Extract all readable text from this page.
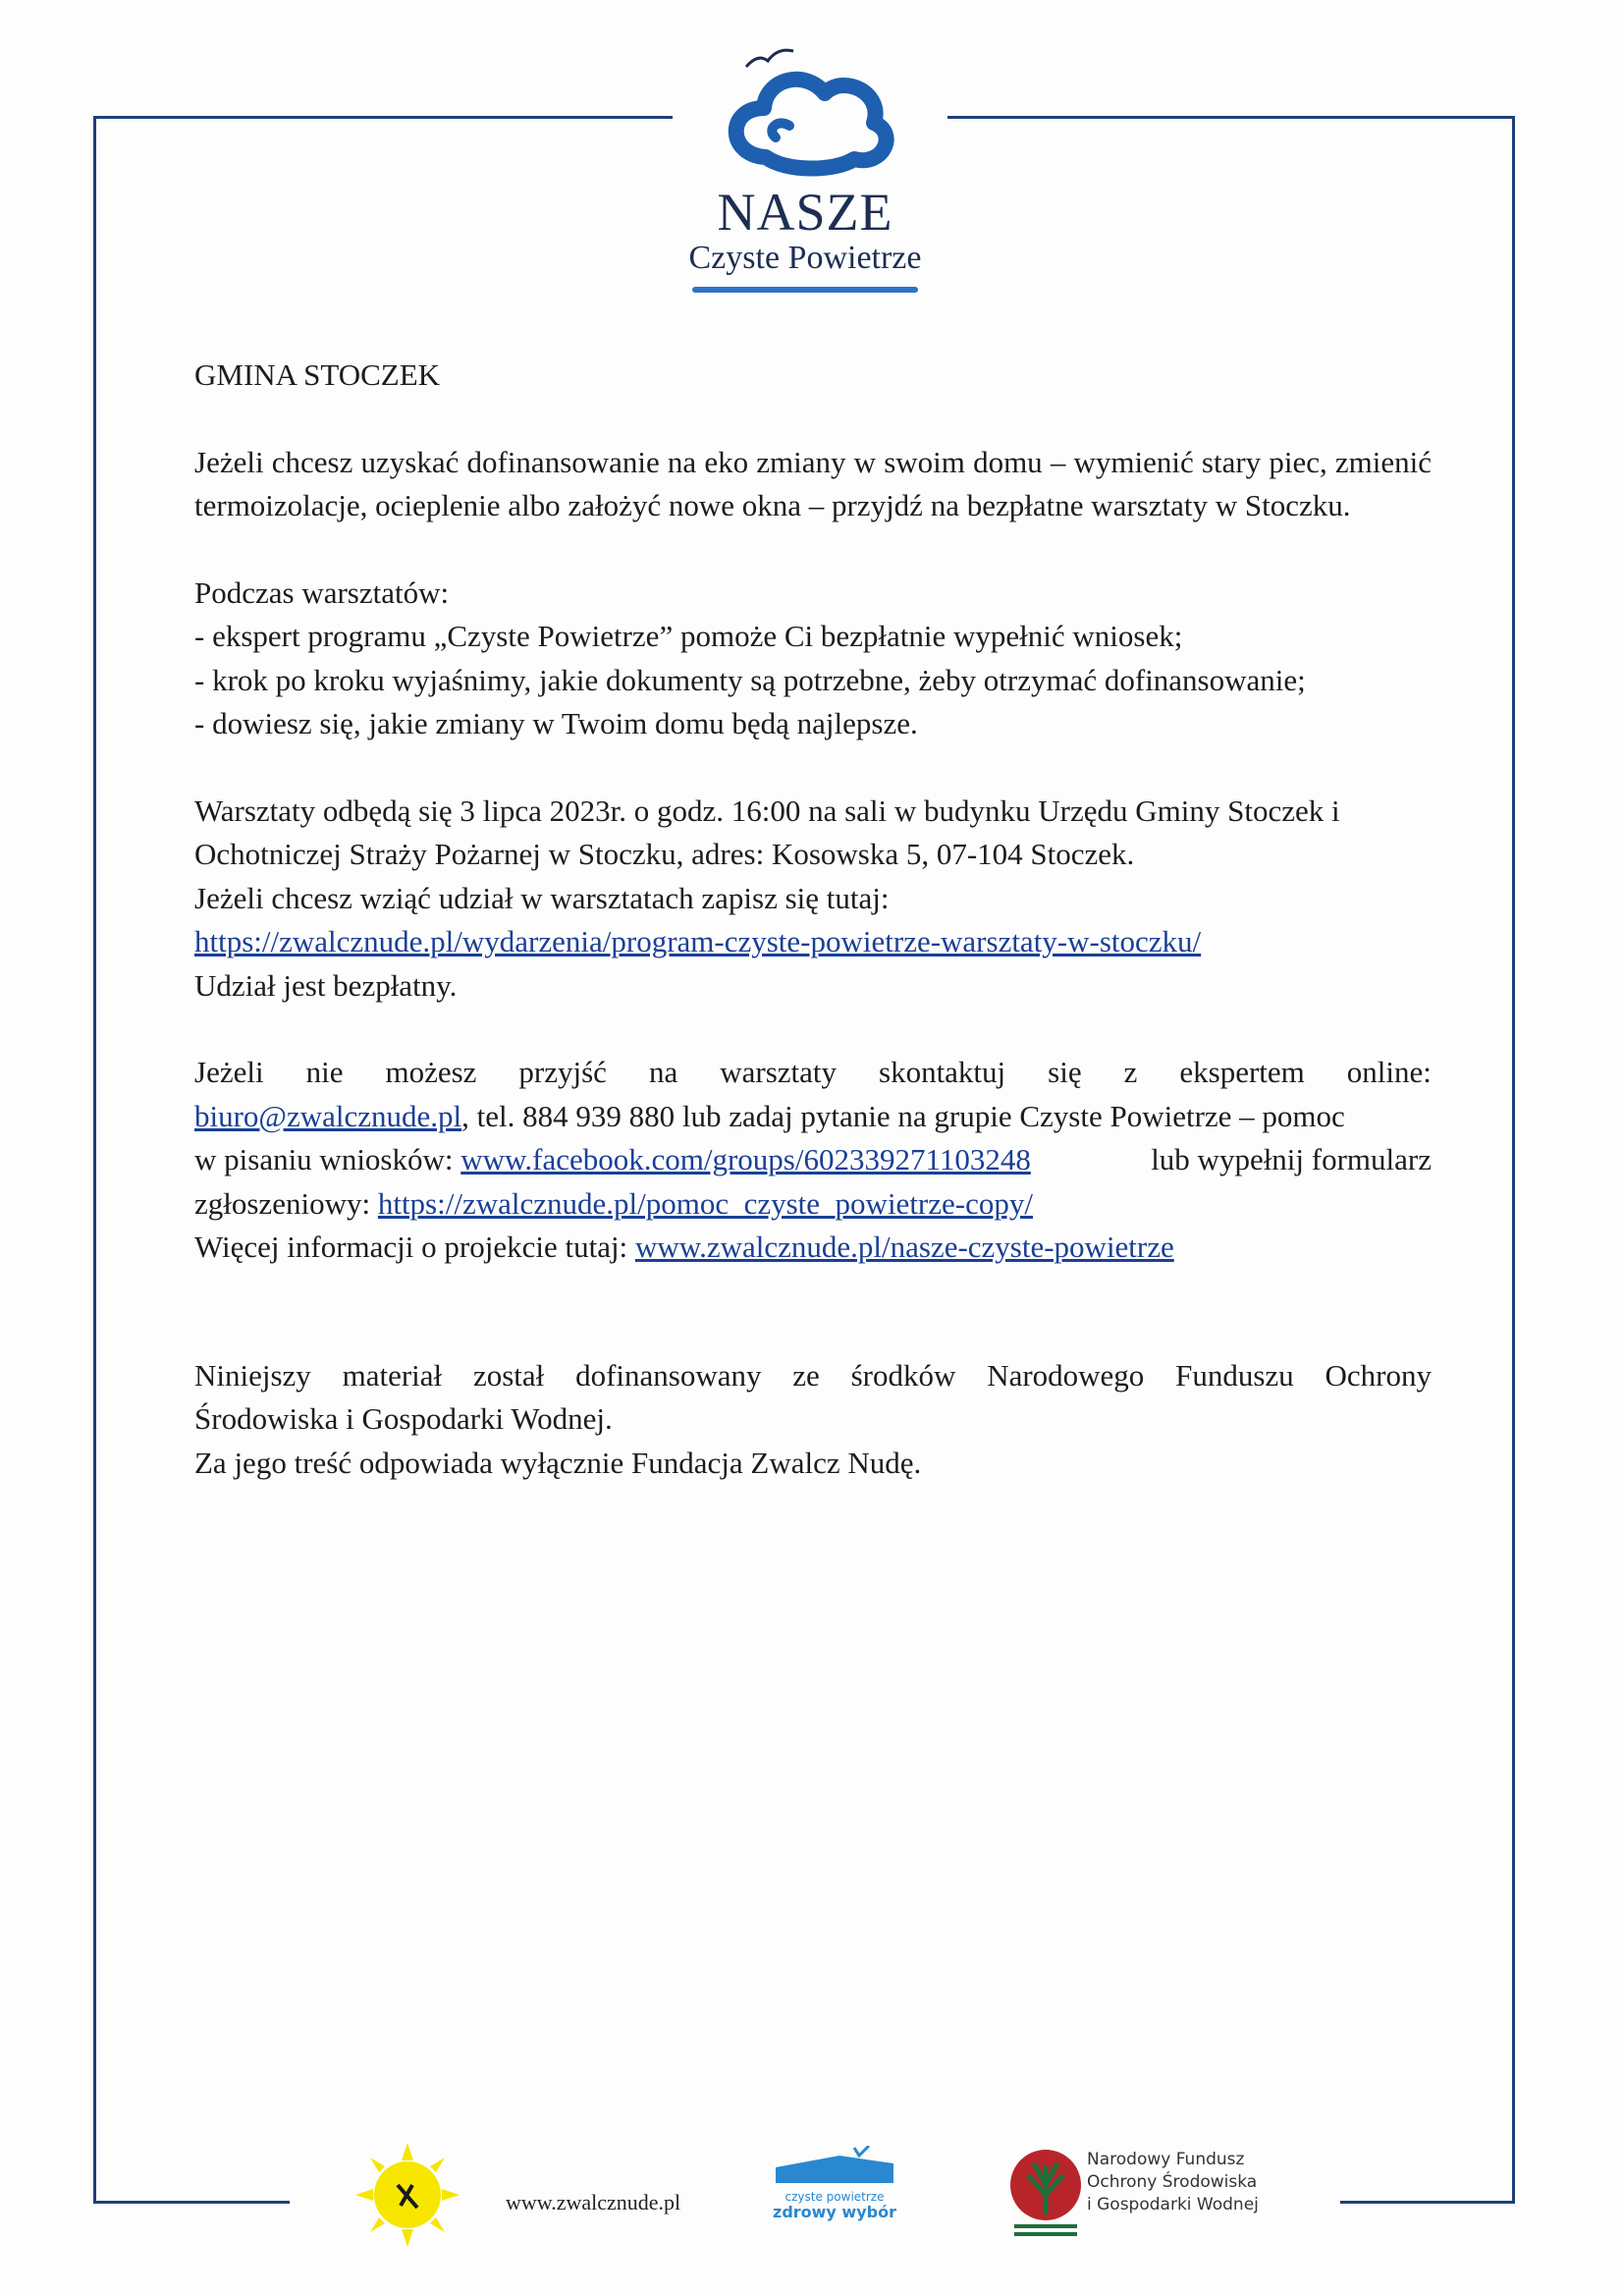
NASZE
Czyste Powietrze

GMINA STOCZEK

Jeżeli chcesz uzyskać dofinansowanie na eko zmiany w swoim domu – wymienić stary piec, zmienić termoizolacje, ocieplenie albo założyć nowe okna – przyjdź na bezpłatne warsztaty w Stoczku.

Podczas warsztatów:

- ekspert programu „Czyste Powietrze” pomoże Ci bezpłatnie wypełnić wniosek;

- krok po kroku wyjaśnimy, jakie dokumenty są potrzebne, żeby otrzymać dofinansowanie;

- dowiesz się, jakie zmiany w Twoim domu będą najlepsze.

Warsztaty odbędą się 3 lipca 2023r. o godz. 16:00 na sali w budynku Urzędu Gminy Stoczek i Ochotniczej Straży Pożarnej w Stoczku, adres: Kosowska 5, 07-104 Stoczek.

Jeżeli chcesz wziąć udział w warsztatach zapisz się tutaj:

https://zwalcznude.pl/wydarzenia/program-czyste-powietrze-warsztaty-w-stoczku/

Udział jest bezpłatny.

Jeżeli nie możesz przyjść na warsztaty skontaktuj się z ekspertem online:

biuro@zwalcznude.pl, tel. 884 939 880 lub zadaj pytanie na grupie Czyste Powietrze – pomoc

w pisaniu wniosków: www.facebook.com/groups/602339271103248	lub wypełnij formularz

zgłoszeniowy: https://zwalcznude.pl/pomoc_czyste_powietrze-copy/

Więcej informacji o projekcie tutaj: www.zwalcznude.pl/nasze-czyste-powietrze

Niniejszy materiał został dofinansowany ze środków Narodowego Funduszu Ochrony

Środowiska i Gospodarki Wodnej.

Za jego treść odpowiada wyłącznie Fundacja Zwalcz Nudę.

www.zwalcznude.pl	czyste powietrze
zdrowy wybór
Narodowy Fundusz
Ochrony Środowiska
i Gospodarki Wodnej
